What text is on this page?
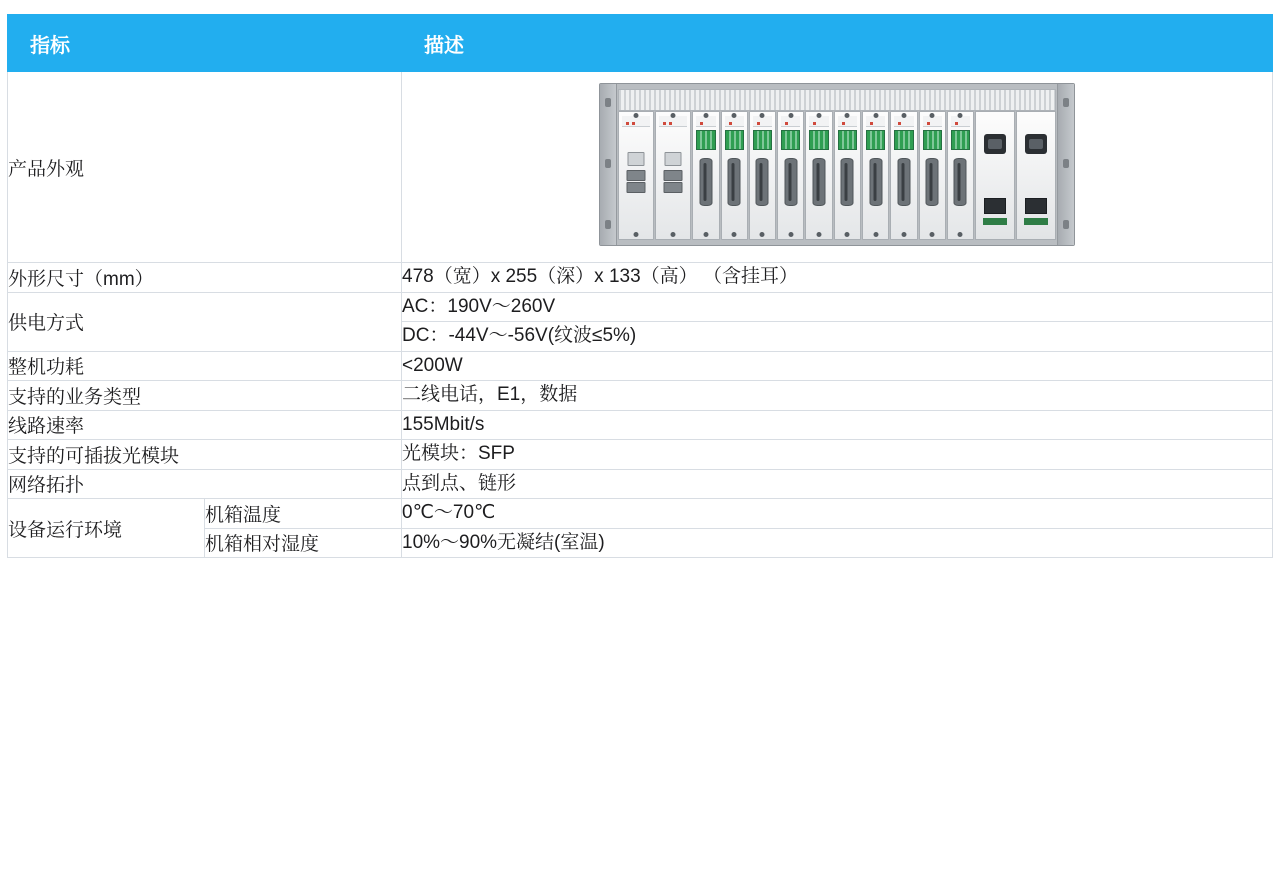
指标		描述
产品外观		

外形尺寸（mm）		478（宽）x 255（深）x 133（高） （含挂耳）
供电方式		AC：190V～260V
		DC：-44V～-56V(纹波≤5%)
整机功耗		<200W
支持的业务类型		二线电话，E1，数据
线路速率		155Mbit/s
支持的可插拔光模块		光模块：SFP
网络拓扑		点到点、链形
设备运行环境	机箱温度	0℃～70℃
	机箱相对湿度	10%～90%无凝结(室温)
